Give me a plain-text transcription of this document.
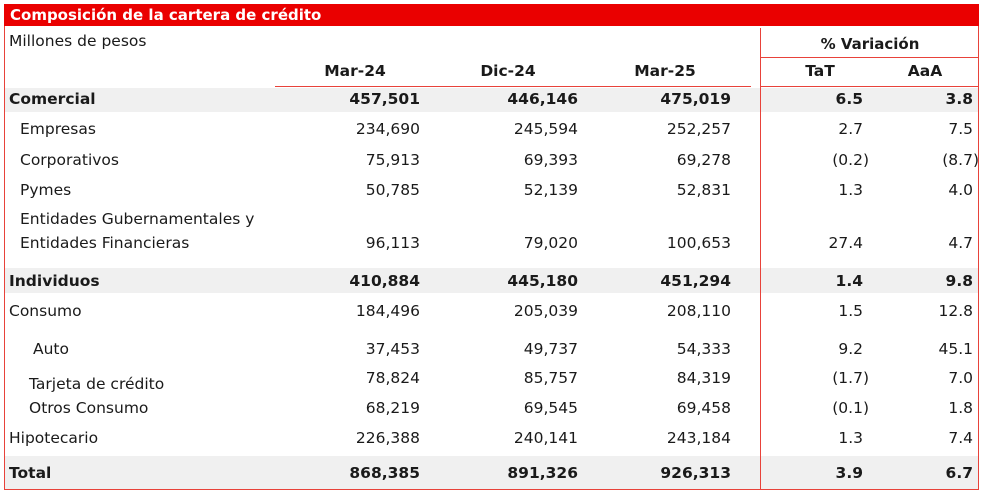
Composición de la cartera de crédito
Millones de pesos	% Variación
Mar-24	Dic-24	Mar-25	TaT	AaA
Comercial	457,501	446,146	475,019	6.5	3.8
Empresas	234,690	245,594	252,257	2.7	7.5
Corporativos	75,913	69,393	69,278	(0.2)	(8.7)
Pymes	50,785	52,139	52,831	1.3	4.0
Entidades Gubernamentales y
Entidades Financieras	96,113	79,020	100,653	27.4	4.7
Individuos	410,884	445,180	451,294	1.4	9.8
Consumo	184,496	205,039	208,110	1.5	12.8
Auto	37,453	49,737	54,333	9.2	45.1
Tarjeta de crédito	78,824	85,757	84,319	(1.7)	7.0
Otros Consumo	68,219	69,545	69,458	(0.1)	1.8
Hipotecario	226,388	240,141	243,184	1.3	7.4
Total	868,385	891,326	926,313	3.9	6.7
